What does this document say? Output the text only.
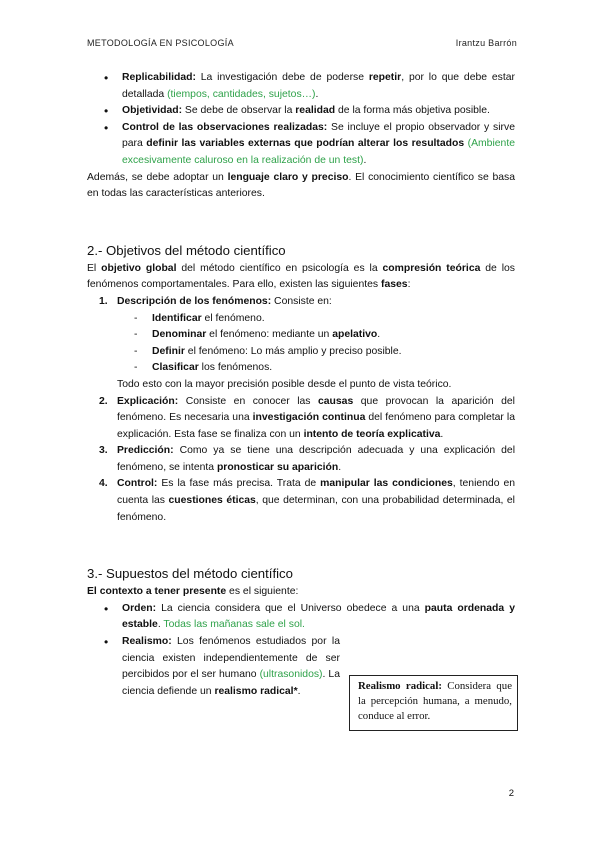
METODOLOGÍA EN PSICOLOGÍA	Irantzu Barrón
• Replicabilidad: La investigación debe de poderse repetir, por lo que debe estar detallada (tiempos, cantidades, sujetos…).
• Objetividad: Se debe de observar la realidad de la forma más objetiva posible.
• Control de las observaciones realizadas: Se incluye el propio observador y sirve para definir las variables externas que podrían alterar los resultados (Ambiente excesivamente caluroso en la realización de un test).

Además, se debe adoptar un lenguaje claro y preciso. El conocimiento científico se basa en todas las características anteriores.

2.- Objetivos del método científico

El objetivo global del método científico en psicología es la compresión teórica de los fenómenos comportamentales. Para ello, existen las siguientes fases:

1. Descripción de los fenómenos: Consiste en:
- Identificar el fenómeno.
- Denominar el fenómeno: mediante un apelativo.
- Definir el fenómeno: Lo más amplio y preciso posible.
- Clasificar los fenómenos.
Todo esto con la mayor precisión posible desde el punto de vista teórico.
2. Explicación: Consiste en conocer las causas que provocan la aparición del fenómeno. Es necesaria una investigación continua del fenómeno para completar la explicación. Esta fase se finaliza con un intento de teoría explicativa.
3. Predicción: Como ya se tiene una descripción adecuada y una explicación del fenómeno, se intenta pronosticar su aparición.
4. Control: Es la fase más precisa. Trata de manipular las condiciones, teniendo en cuenta las cuestiones éticas, que determinan, con una probabilidad determinada, el fenómeno.
3.- Supuestos del método científico

El contexto a tener presente es el siguiente:

• Orden: La ciencia considera que el Universo obedece a una pauta ordenada y estable. Todas las mañanas sale el sol.
• Realismo: Los fenómenos estudiados por la ciencia existen independientemente de ser percibidos por el ser humano (ultrasonidos). La ciencia defiende un realismo radical*.	Realismo radical: Considera que la percepción humana, a menudo, conduce al error.
2
